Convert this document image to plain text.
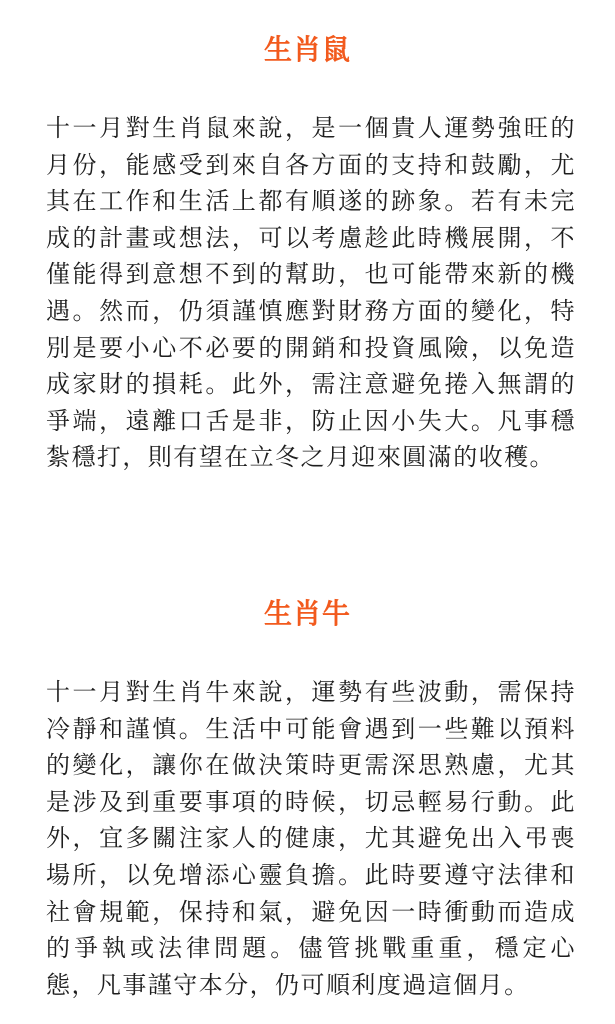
生肖鼠

十一月對生肖鼠來說，是一個貴人運勢強旺的月份，能感受到來自各方面的支持和鼓勵，尤其在工作和生活上都有順遂的跡象。若有未完成的計畫或想法，可以考慮趁此時機展開，不僅能得到意想不到的幫助，也可能帶來新的機遇。然而，仍須謹慎應對財務方面的變化，特別是要小心不必要的開銷和投資風險，以免造成家財的損耗。此外，需注意避免捲入無謂的爭端，遠離口舌是非，防止因小失大。凡事穩紮穩打，則有望在立冬之月迎來圓滿的收穫。

生肖牛

十一月對生肖牛來說，運勢有些波動，需保持冷靜和謹慎。生活中可能會遇到一些難以預料的變化，讓你在做決策時更需深思熟慮，尤其是涉及到重要事項的時候，切忌輕易行動。此外，宜多關注家人的健康，尤其避免出入弔喪場所，以免增添心靈負擔。此時要遵守法律和社會規範，保持和氣，避免因一時衝動而造成的爭執或法律問題。儘管挑戰重重，穩定心態，凡事謹守本分，仍可順利度過這個月。
